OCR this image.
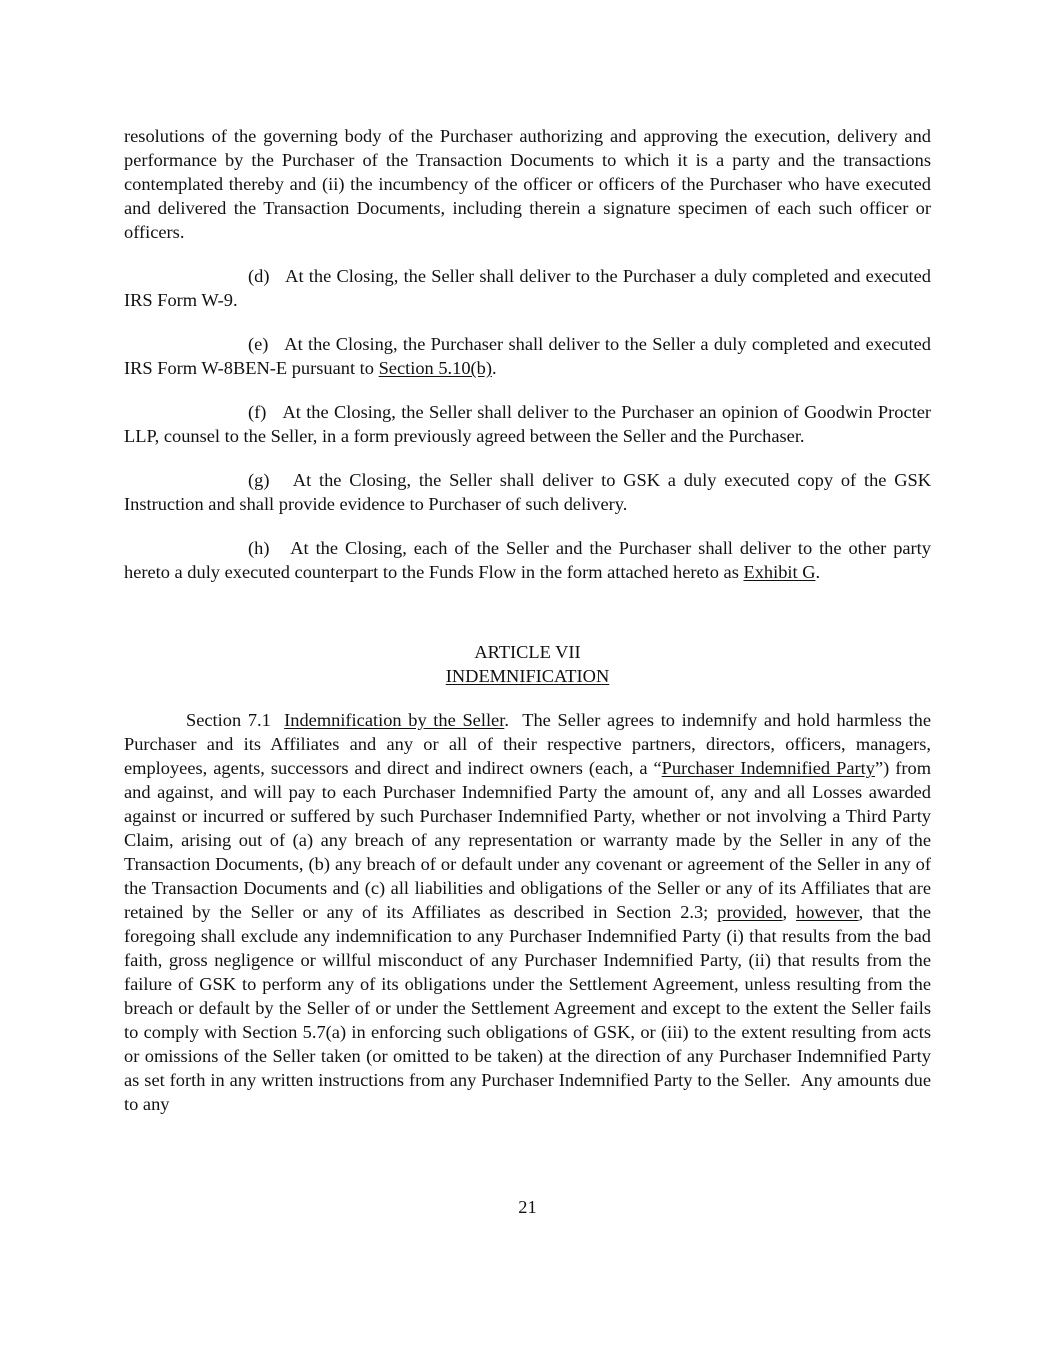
resolutions of the governing body of the Purchaser authorizing and approving the execution, delivery and performance by the Purchaser of the Transaction Documents to which it is a party and the transactions contemplated thereby and (ii) the incumbency of the officer or officers of the Purchaser who have executed and delivered the Transaction Documents, including therein a signature specimen of each such officer or officers.

(d)   At the Closing, the Seller shall deliver to the Purchaser a duly completed and executed IRS Form W-9.

(e)   At the Closing, the Purchaser shall deliver to the Seller a duly completed and executed IRS Form W-8BEN-E pursuant to Section 5.10(b).

(f)   At the Closing, the Seller shall deliver to the Purchaser an opinion of Goodwin Procter LLP, counsel to the Seller, in a form previously agreed between the Seller and the Purchaser.

(g)   At the Closing, the Seller shall deliver to GSK a duly executed copy of the GSK Instruction and shall provide evidence to Purchaser of such delivery.

(h)   At the Closing, each of the Seller and the Purchaser shall deliver to the other party hereto a duly executed counterpart to the Funds Flow in the form attached hereto as Exhibit G.

ARTICLE VII
INDEMNIFICATION

Section 7.1  Indemnification by the Seller.  The Seller agrees to indemnify and hold harmless the Purchaser and its Affiliates and any or all of their respective partners, directors, officers, managers, employees, agents, successors and direct and indirect owners (each, a “Purchaser Indemnified Party”) from and against, and will pay to each Purchaser Indemnified Party the amount of, any and all Losses awarded against or incurred or suffered by such Purchaser Indemnified Party, whether or not involving a Third Party Claim, arising out of (a) any breach of any representation or warranty made by the Seller in any of the Transaction Documents, (b) any breach of or default under any covenant or agreement of the Seller in any of the Transaction Documents and (c) all liabilities and obligations of the Seller or any of its Affiliates that are retained by the Seller or any of its Affiliates as described in Section 2.3; provided, however, that the foregoing shall exclude any indemnification to any Purchaser Indemnified Party (i) that results from the bad faith, gross negligence or willful misconduct of any Purchaser Indemnified Party, (ii) that results from the failure of GSK to perform any of its obligations under the Settlement Agreement, unless resulting from the breach or default by the Seller of or under the Settlement Agreement and except to the extent the Seller fails to comply with Section 5.7(a) in enforcing such obligations of GSK, or (iii) to the extent resulting from acts or omissions of the Seller taken (or omitted to be taken) at the direction of any Purchaser Indemnified Party as set forth in any written instructions from any Purchaser Indemnified Party to the Seller.  Any amounts due to any

21
